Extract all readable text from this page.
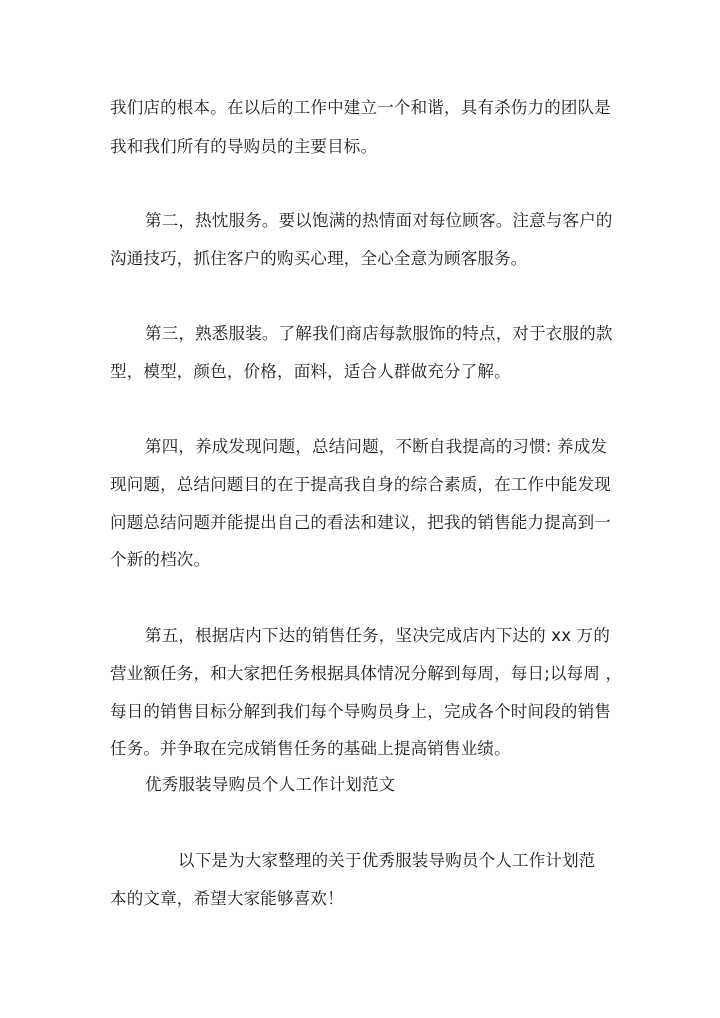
我们店的根本。在以后的工作中建立一个和谐，具有杀伤力的团队是
我和我们所有的导购员的主要目标。
第二，热忱服务。要以饱满的热情面对每位顾客。注意与客户的
沟通技巧，抓住客户的购买心理，全心全意为顾客服务。
第三，熟悉服装。了解我们商店每款服饰的特点，对于衣服的款
型，模型，颜色，价格，面料，适合人群做充分了解。
第四，养成发现问题，总结问题，不断自我提高的习惯: 养成发
现问题，总结问题目的在于提高我自身的综合素质，在工作中能发现
问题总结问题并能提出自己的看法和建议，把我的销售能力提高到一
个新的档次。
第五，根据店内下达的销售任务，坚决完成店内下达的 xx 万的
营业额任务，和大家把任务根据具体情况分解到每周，每日;以每周 ，
每日的销售目标分解到我们每个导购员身上，完成各个时间段的销售
任务。并争取在完成销售任务的基础上提高销售业绩。
优秀服装导购员个人工作计划范文
以下是为大家整理的关于优秀服装导购员个人工作计划范
本的文章，希望大家能够喜欢！
